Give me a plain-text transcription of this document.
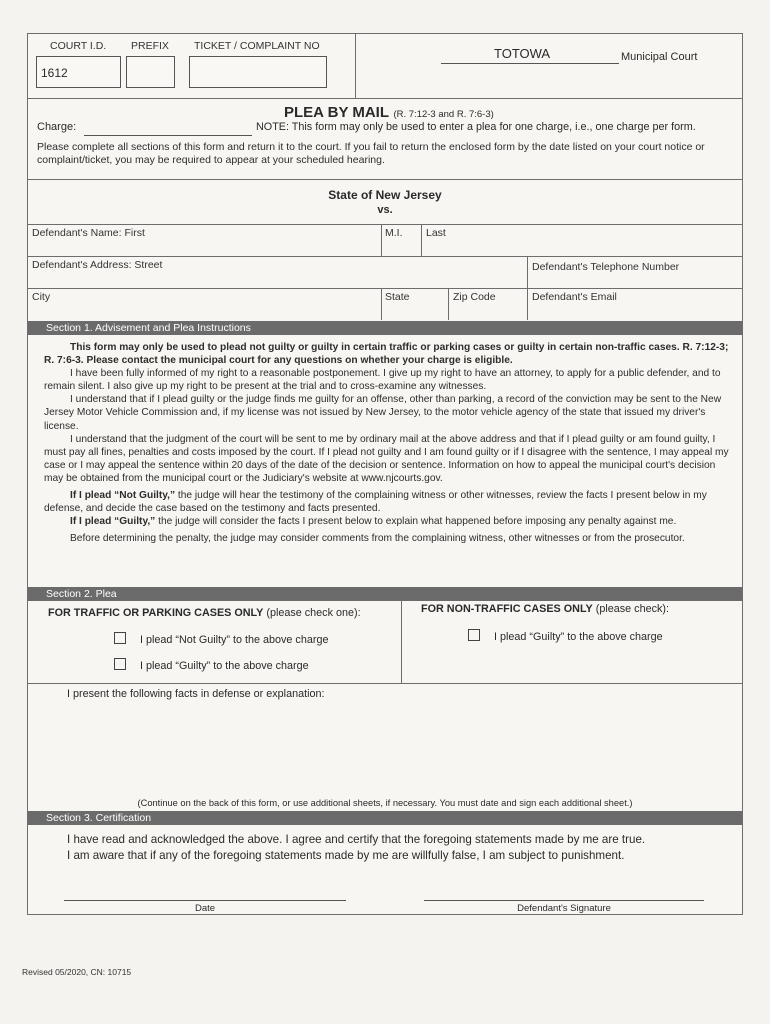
COURT I.D. PREFIX TICKET / COMPLAINT NO
1612
TOTOWA	Municipal Court
PLEA BY MAIL (R. 7:12-3 and R. 7:6-3)
Charge:	NOTE: This form may only be used to enter a plea for one charge, i.e., one charge per form.
Please complete all sections of this form and return it to the court. If you fail to return the enclosed form by the date listed on your court notice or complaint/ticket, you may be required to appear at your scheduled hearing.
State of New Jersey
vs.
Defendant's Name: First	M.I. Last
Defendant's Address: Street	Defendant's Telephone Number
City	State	Zip Code	Defendant's Email
Section 1. Advisement and Plea Instructions

This form may only be used to plead not guilty or guilty in certain traffic or parking cases or guilty in certain non-traffic cases. R. 7:12-3; R. 7:6-3. Please contact the municipal court for any questions on whether your charge is eligible.

I have been fully informed of my right to a reasonable postponement. I give up my right to have an attorney, to apply for a public defender, and to remain silent. I also give up my right to be present at the trial and to cross-examine any witnesses.

I understand that if I plead guilty or the judge finds me guilty for an offense, other than parking, a record of the conviction may be sent to the New Jersey Motor Vehicle Commission and, if my license was not issued by New Jersey, to the motor vehicle agency of the state that issued my driver's license.

I understand that the judgment of the court will be sent to me by ordinary mail at the above address and that if I plead guilty or am found guilty, I must pay all fines, penalties and costs imposed by the court. If I plead not guilty and I am found guilty or if I disagree with the sentence, I may appeal my case or I may appeal the sentence within 20 days of the date of the decision or sentence. Information on how to appeal the municipal court's decision may be obtained from the municipal court or the Judiciary's website at www.njcourts.gov.

If I plead “Not Guilty,” the judge will hear the testimony of the complaining witness or other witnesses, review the facts I present below in my defense, and decide the case based on the testimony and facts presented.

If I plead “Guilty,” the judge will consider the facts I present below to explain what happened before imposing any penalty against me.

Before determining the penalty, the judge may consider comments from the complaining witness, other witnesses or from the prosecutor.

Section 2. Plea
FOR TRAFFIC OR PARKING CASES ONLY (please check one):
I plead “Not Guilty” to the above charge
I plead “Guilty” to the above charge
FOR NON-TRAFFIC CASES ONLY (please check):
I plead “Guilty” to the above charge
I present the following facts in defense or explanation:
(Continue on the back of this form, or use additional sheets, if necessary. You must date and sign each additional sheet.)
Section 3. Certification
I have read and acknowledged the above. I agree and certify that the foregoing statements made by me are true.
I am aware that if any of the foregoing statements made by me are willfully false, I am subject to punishment.
Date	Defendant's Signature
Revised 05/2020, CN: 10715
